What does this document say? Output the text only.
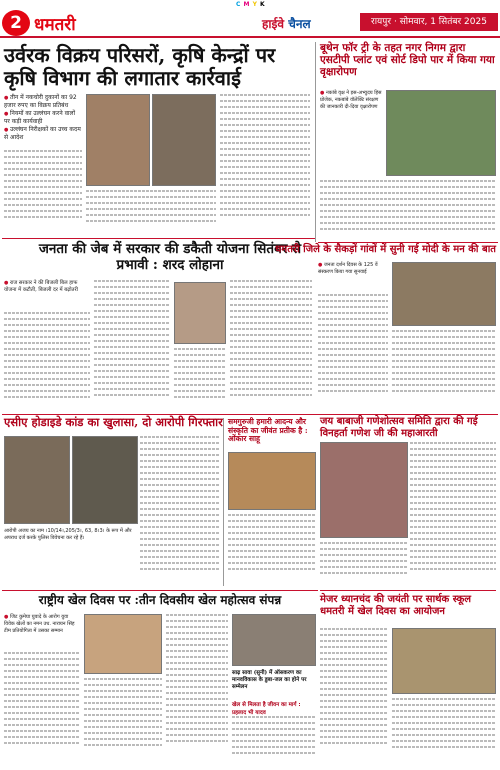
C M Y K
2 धमतरी	हाईवे चैनल	रायपुर · सोमवार, 1 सितंबर 2025
उर्वरक विक्रय परिसरों, कृषि केन्द्रों पर कृषि विभाग की लगातार कार्रवाई
● तीन में नकचोरी दुकानों का 92 हजार रुपए का विक्रय प्रतिबंध
● नियमों का उल्लंघन करने वालों पर कड़ी कार्यवाही
● उल्लंघन निरीक्षकों का उच्च कदम से आदेश
बूथेन फॉर ट्री के तहत नगर निगम द्वारा एसटीपी प्लांट एवं सोर्ट डिपो पार में किया गया वृक्षारोपण
● नकांबे वृक्ष ने इस-अभ्युदय हिस प्रोजेक, नकबांबे वॉलेक्टि संरक्षण की जानकारी दी-दिया वृक्षारोपण
जनता की जेब में सरकार की डकैती योजना सितंबर से प्रभावी : शरद लोहाना
● राज सरकार ने की बिजली बिल हाफ योजना में कटौती, बिजली दर में बढ़ोतरी
धमतरी जिले के सैकड़ों गांवों में सुनी गई मोदी के मन की बात
● जनता दर्शन दिवस के 125 वें संस्करण किया गया सुनवाई
एसीए होडाइडे कांड का खुलासा, दो आरोपी गिरफ्तार
आरोपी अजय का नाम ।10/14।,205/3।, 63, 8।3। के रूप में और अपराध दर्ज करके पुलिस विवेचना कर रहे हैं।
समगुरुजी हमारी आदन्य और संस्कृति का जीवंत प्रतीक है : ओंकार साहू
जय बाबाजी गणेशोत्सव समिति द्वारा की गई विनहर्ता गणेश जी की महाआरती
राष्ट्रीय खेल दिवस पर :तीन दिवसीय खेल महोत्सव संपन्न
● जिट कुमेघा युवादे के आरोग युवा विवेक खेलों का नमन उध. नारायन सिंह टीम प्रतियोगिता में उसका सम्मान
साढ़ सावा (सुनी) में ऑसकरण का मानवविकास के डुबा-जल का होने पर सम्मेलन
खेल से मिलता है जीवन का मार्ग : प्रहलाद भी यादव
मेजर ध्यानचंद की जयंती पर सार्थक स्कूल धमतरी में खेल दिवस का आयोजन
